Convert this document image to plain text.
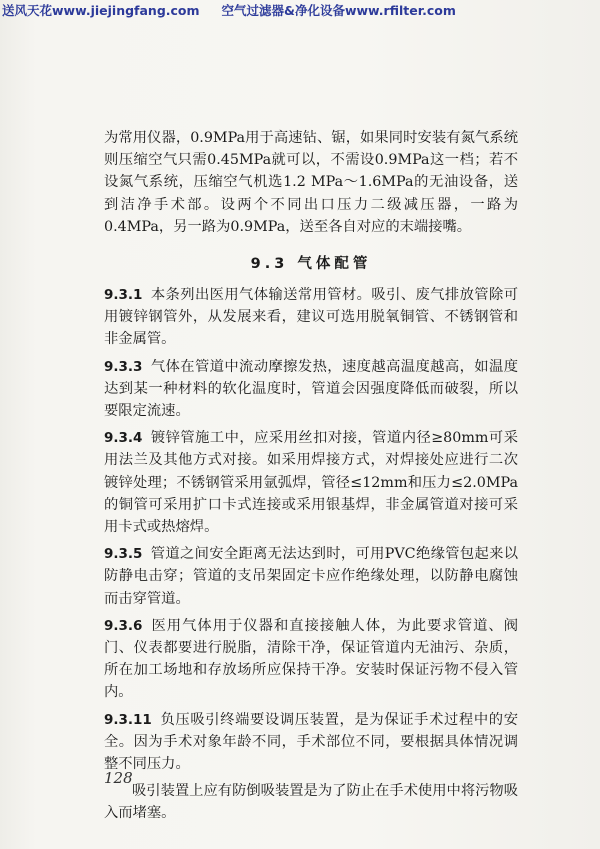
送风天花www.jiejingfang.com 空气过滤器&净化设备www.rfilter.com

为常用仪器，0.9MPa用于高速钻、锯，如果同时安装有氮气系统则压缩空气只需0.45MPa就可以，不需设0.9MPa这一档；若不设氮气系统，压缩空气机选1.2 MPa～1.6MPa的无油设备，送到洁净手术部。设两个不同出口压力二级减压器，一路为0.4MPa，另一路为0.9MPa，送至各自对应的末端接嘴。

9.3 气体配管

9.3.1 本条列出医用气体输送常用管材。吸引、废气排放管除可用镀锌钢管外，从发展来看，建议可选用脱氧铜管、不锈钢管和非金属管。

9.3.3 气体在管道中流动摩擦发热，速度越高温度越高，如温度达到某一种材料的软化温度时，管道会因强度降低而破裂，所以要限定流速。

9.3.4 镀锌管施工中，应采用丝扣对接，管道内径≥80mm可采用法兰及其他方式对接。如采用焊接方式，对焊接处应进行二次镀锌处理；不锈钢管采用氩弧焊，管径≤12mm和压力≤2.0MPa的铜管可采用扩口卡式连接或采用银基焊，非金属管道对接可采用卡式或热熔焊。

9.3.5 管道之间安全距离无法达到时，可用PVC绝缘管包起来以防静电击穿；管道的支吊架固定卡应作绝缘处理，以防静电腐蚀而击穿管道。

9.3.6 医用气体用于仪器和直接接触人体，为此要求管道、阀门、仪表都要进行脱脂，清除干净，保证管道内无油污、杂质，所在加工场地和存放场所应保持干净。安装时保证污物不侵入管内。

9.3.11 负压吸引终端要设调压装置，是为保证手术过程中的安全。因为手术对象年龄不同，手术部位不同，要根据具体情况调整不同压力。

吸引装置上应有防倒吸装置是为了防止在手术使用中将污物吸入而堵塞。

128
